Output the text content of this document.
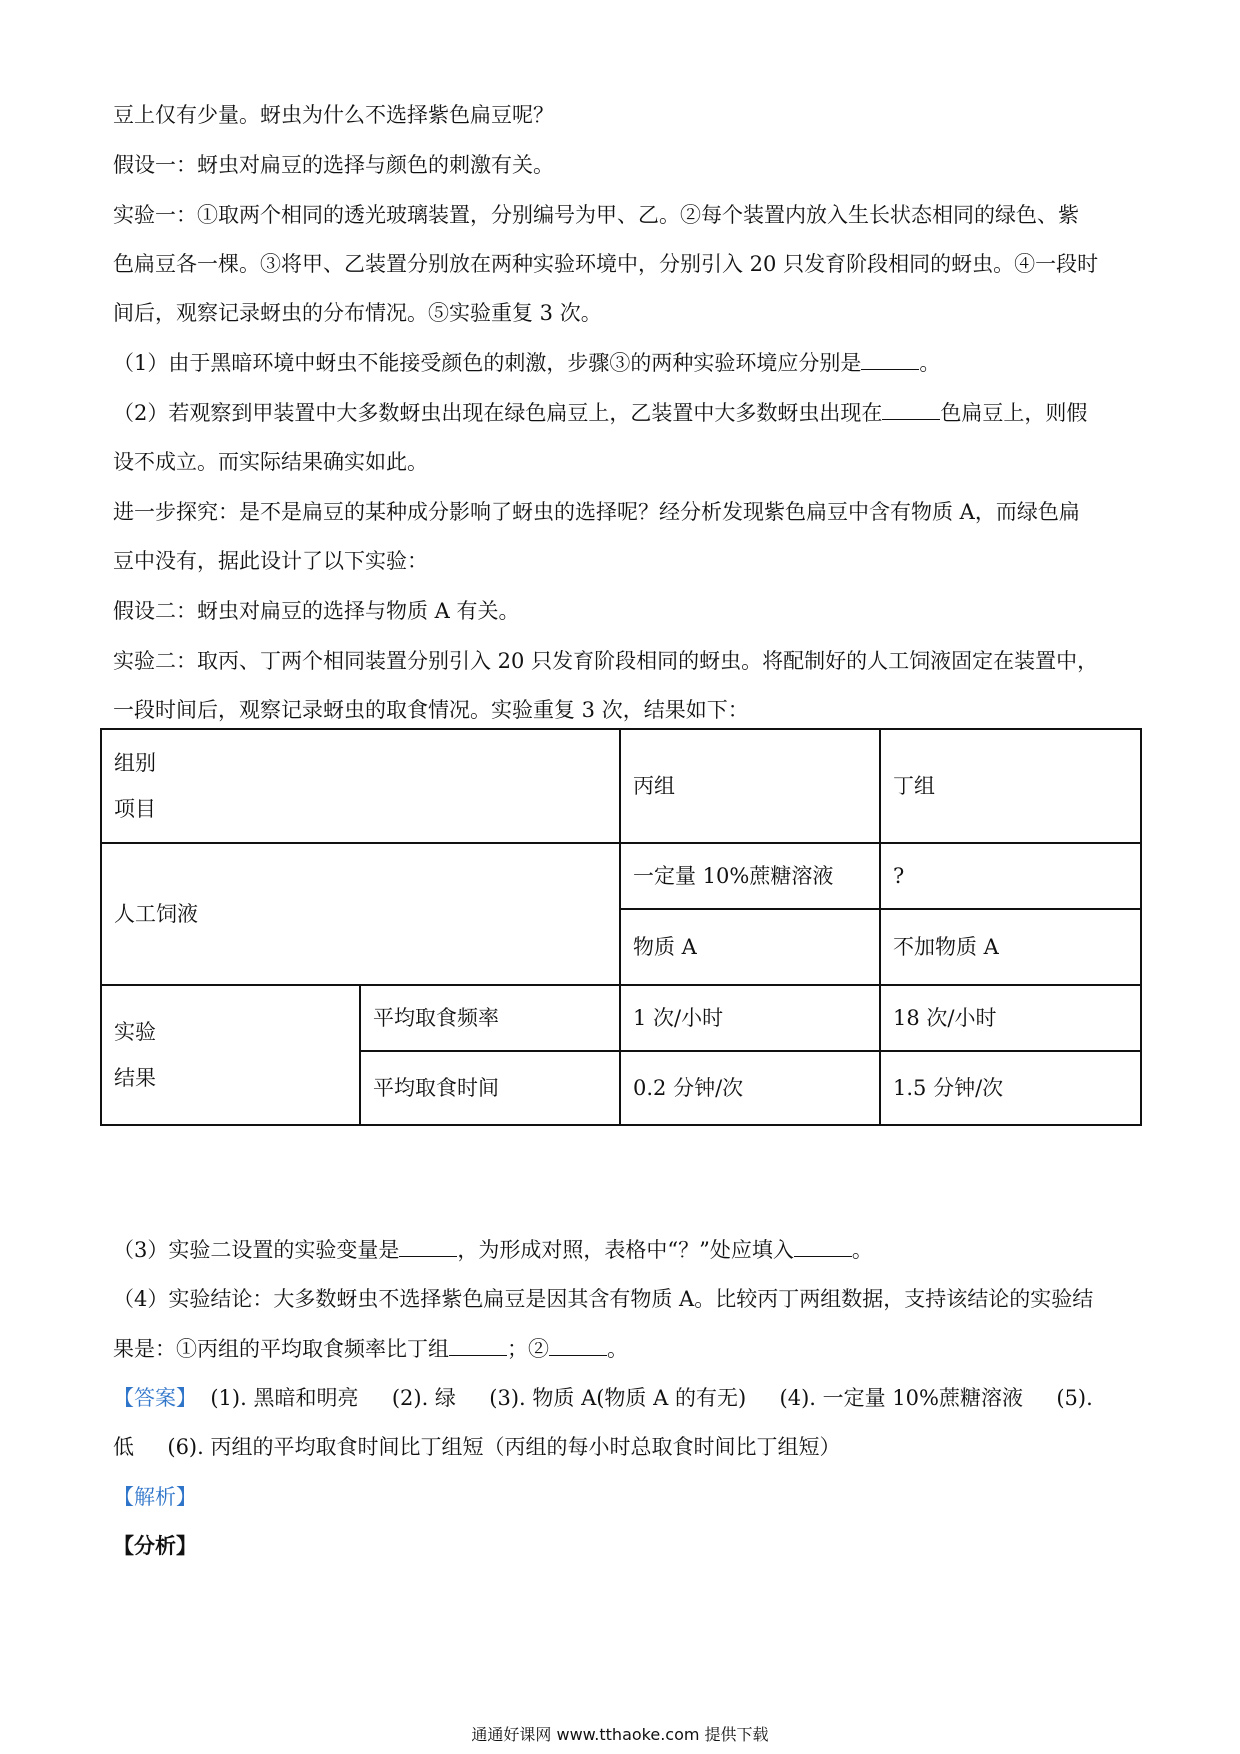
豆上仅有少量。蚜虫为什么不选择紫色扁豆呢？
假设一：蚜虫对扁豆的选择与颜色的刺激有关。
实验一：①取两个相同的透光玻璃装置，分别编号为甲、乙。②每个装置内放入生长状态相同的绿色、紫
色扁豆各一棵。③将甲、乙装置分别放在两种实验环境中，分别引入 20 只发育阶段相同的蚜虫。④一段时
间后，观察记录蚜虫的分布情况。⑤实验重复 3 次。
（1）由于黑暗环境中蚜虫不能接受颜色的刺激，步骤③的两种实验环境应分别是	。
（2）若观察到甲装置中大多数蚜虫出现在绿色扁豆上，乙装置中大多数蚜虫出现在	色扁豆上，则假
设不成立。而实际结果确实如此。
进一步探究：是不是扁豆的某种成分影响了蚜虫的选择呢？经分析发现紫色扁豆中含有物质 A，而绿色扁
豆中没有，据此设计了以下实验：
假设二：蚜虫对扁豆的选择与物质 A 有关。
实验二：取丙、丁两个相同装置分别引入 20 只发育阶段相同的蚜虫。将配制好的人工饲液固定在装置中，
一段时间后，观察记录蚜虫的取食情况。实验重复 3 次，结果如下：
组别
项目		丙组	丁组
人工饲液		一定量 10%蔗糖溶液	?
		物质 A	不加物质 A

实验
结果	平均取食频率	1 次/小时	18 次/小时
	平均取食时间	0.2 分钟/次	1.5 分钟/次
（3）实验二设置的实验变量是	，为形成对照，表格中“？”处应填入	。
（4）实验结论：大多数蚜虫不选择紫色扁豆是因其含有物质 A。比较丙丁两组数据，支持该结论的实验结
果是：①丙组的平均取食频率比丁组	；②	。
【答案】  (1). 黑暗和明亮     (2). 绿     (3). 物质 A(物质 A 的有无)     (4). 一定量 10%蔗糖溶液     (5).
低     (6). 丙组的平均取食时间比丁组短（丙组的每小时总取食时间比丁组短）
【解析】
【分析】
通通好课网 www.tthaoke.com 提供下载
